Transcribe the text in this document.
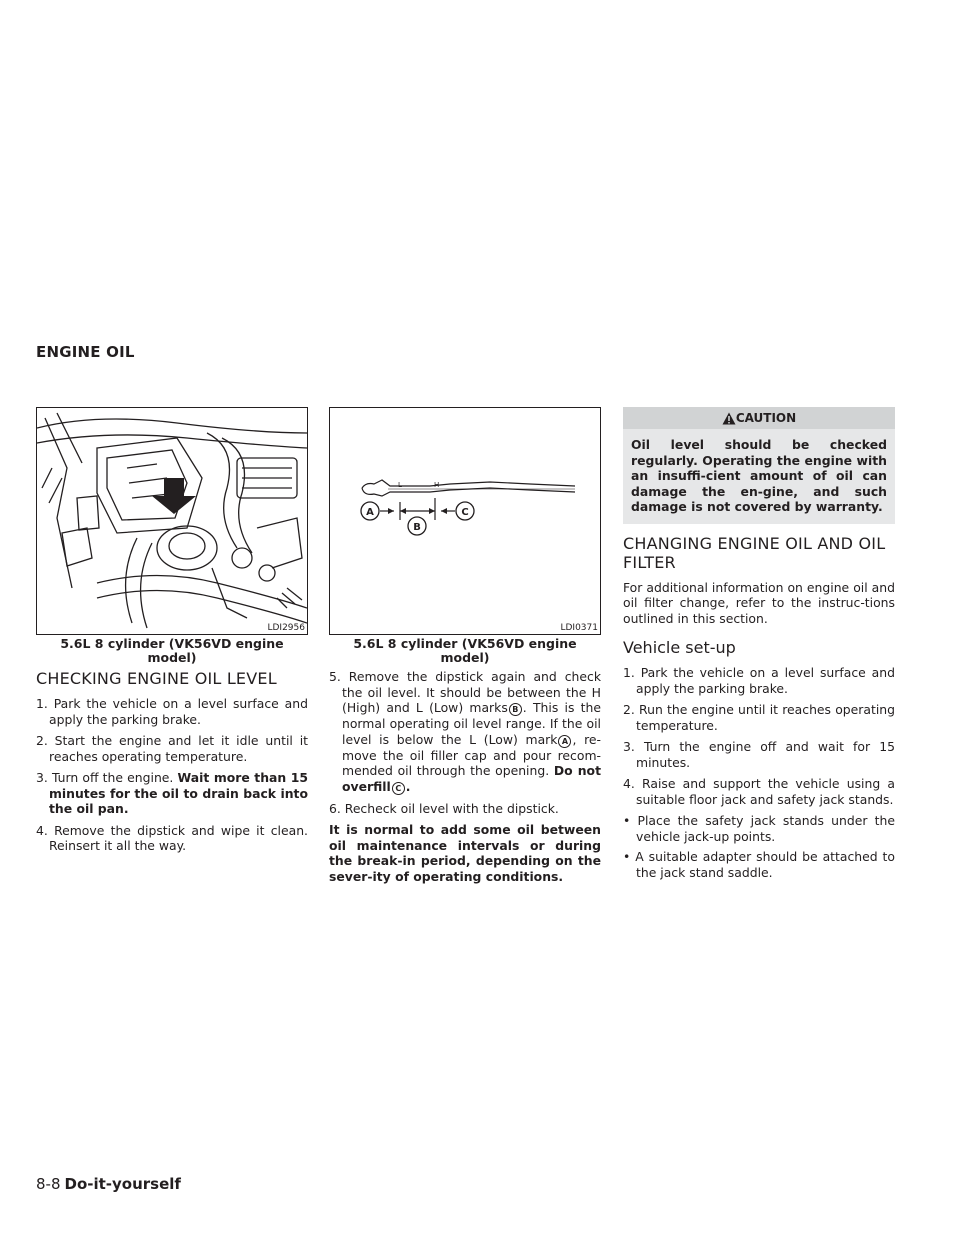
ENGINE OIL
LDI2956
5.6L 8 cylinder (VK56VD engine model)
CHECKING ENGINE OIL LEVEL
1. Park the vehicle on a level surface and apply the parking brake.
2. Start the engine and let it idle until it reaches operating temperature.
3. Turn off the engine. Wait more than 15 minutes for the oil to drain back into the oil pan.
4. Remove the dipstick and wipe it clean. Reinsert it all the way.
L	H
A
B
C
LDI0371
5.6L 8 cylinder (VK56VD engine model)
5. Remove the dipstick again and check the oil level. It should be between the H (High) and L (Low) marks B . This is the normal operating oil level range. If the oil level is below the L (Low) mark A , re-move the oil filler cap and pour recom-mended oil through the opening. Do not overfill C .
6. Recheck oil level with the dipstick.

It is normal to add some oil between oil maintenance intervals or during the break-in period, depending on the sever-ity of operating conditions.

CAUTION
Oil level should be checked regularly. Operating the engine with an insuffi-cient amount of oil can damage the en-gine, and such damage is not covered by warranty.
CHANGING ENGINE OIL AND OIL FILTER

For additional information on engine oil and oil filter change, refer to the instruc-tions outlined in this section.

Vehicle set-up
1. Park the vehicle on a level surface and apply the parking brake.
2. Run the engine until it reaches operating temperature.
3. Turn the engine off and wait for 15 minutes.
4. Raise and support the vehicle using a suitable floor jack and safety jack stands.
• Place the safety jack stands under the vehicle jack-up points.
• A suitable adapter should be attached to the jack stand saddle.
8-8 Do-it-yourself
